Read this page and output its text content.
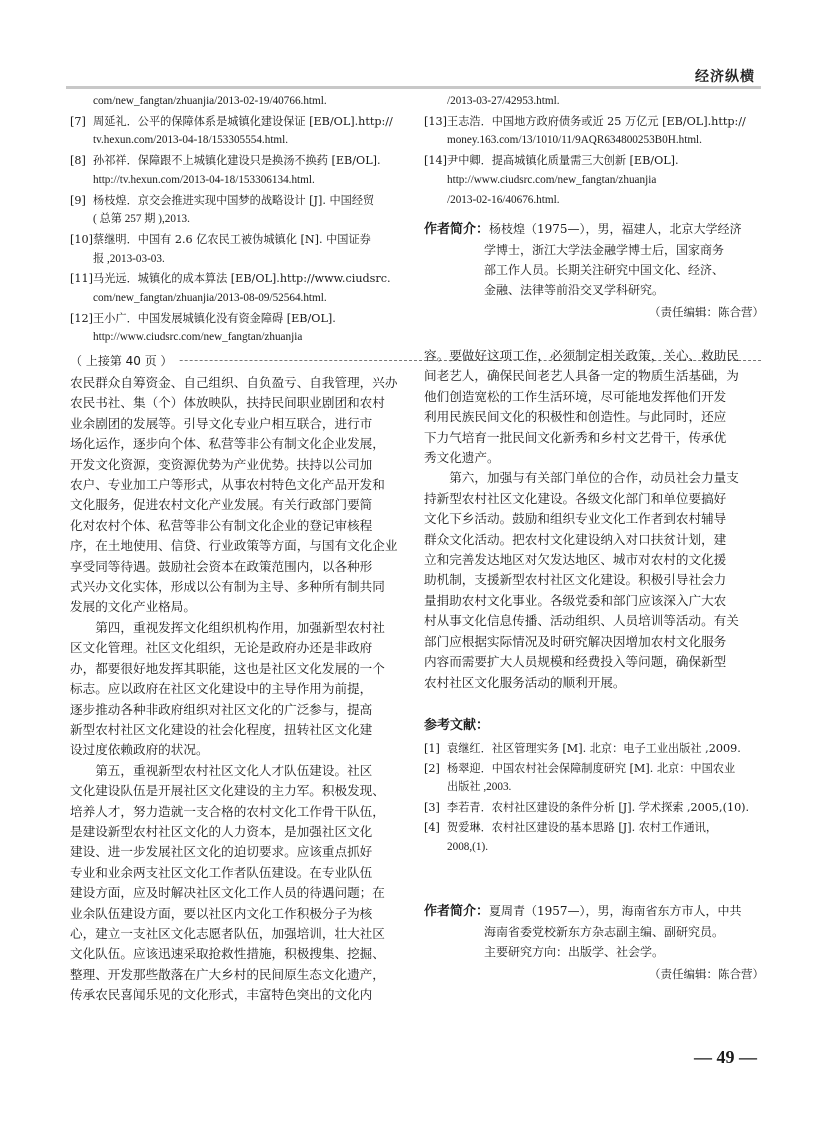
经济纵横
com/new_fangtan/zhuanjia/2013-02-19/40766.html.
[7] 周延礼．公平的保障体系是城镇化建设保证 [EB/OL].http://
tv.hexun.com/2013-04-18/153305554.html.
[8] 孙祁祥．保障跟不上城镇化建设只是换汤不换药 [EB/OL].
http://tv.hexun.com/2013-04-18/153306134.html.
[9] 杨枝煌．京交会推进实现中国梦的战略设计 [J]. 中国经贸
( 总第 257 期 ),2013.
[10]蔡继明．中国有 2.6 亿农民工被伪城镇化 [N]. 中国证券
报 ,2013-03-03.
[11]马光远．城镇化的成本算法 [EB/OL].http://www.ciudsrc.
com/new_fangtan/zhuanjia/2013-08-09/52564.html.
[12]王小广．中国发展城镇化没有资金障碍 [EB/OL].
http://www.ciudsrc.com/new_fangtan/zhuanjia
/2013-03-27/42953.html.
[13]王志浩．中国地方政府债务或近 25 万亿元 [EB/OL].http://
money.163.com/13/1010/11/9AQR634800253B0H.html.
[14]尹中卿．提高城镇化质量需三大创新 [EB/OL].
http://www.ciudsrc.com/new_fangtan/zhuanjia
/2013-02-16/40676.html.
作者简介：杨枝煌（1975—），男，福建人，北京大学经济
学博士，浙江大学法金融学博士后，国家商务
部工作人员。长期关注研究中国文化、经济、
金融、法律等前沿交叉学科研究。
（责任编辑：陈合营）
（ 上接第 40 页 ）
农民群众自筹资金、自己组织、自负盈亏、自我管理，兴办
农民书社、集（个）体放映队，扶持民间职业剧团和农村
业余剧团的发展等。引导文化专业户相互联合，进行市
场化运作，逐步向个体、私营等非公有制文化企业发展，
开发文化资源，变资源优势为产业优势。扶持以公司加
农户、专业加工户等形式，从事农村特色文化产品开发和
文化服务，促进农村文化产业发展。有关行政部门要简
化对农村个体、私营等非公有制文化企业的登记审核程
序，在土地使用、信贷、行业政策等方面，与国有文化企业
享受同等待遇。鼓励社会资本在政策范围内，以各种形
式兴办文化实体，形成以公有制为主导、多种所有制共同
发展的文化产业格局。
　　第四，重视发挥文化组织机构作用，加强新型农村社
区文化管理。社区文化组织，无论是政府办还是非政府
办，都要很好地发挥其职能，这也是社区文化发展的一个
标志。应以政府在社区文化建设中的主导作用为前提，
逐步推动各种非政府组织对社区文化的广泛参与，提高
新型农村社区文化建设的社会化程度，扭转社区文化建
设过度依赖政府的状况。
　　第五，重视新型农村社区文化人才队伍建设。社区
文化建设队伍是开展社区文化建设的主力军。积极发现、
培养人才，努力造就一支合格的农村文化工作骨干队伍，
是建设新型农村社区文化的人力资本，是加强社区文化
建设、进一步发展社区文化的迫切要求。应该重点抓好
专业和业余两支社区文化工作者队伍建设。在专业队伍
建设方面，应及时解决社区文化工作人员的待遇问题；在
业余队伍建设方面，要以社区内文化工作积极分子为核
心，建立一支社区文化志愿者队伍，加强培训，壮大社区
文化队伍。应该迅速采取抢救性措施，积极搜集、挖掘、
整理、开发那些散落在广大乡村的民间原生态文化遗产，
传承农民喜闻乐见的文化形式，丰富特色突出的文化内
容。要做好这项工作，必须制定相关政策，关心、救助民
间老艺人，确保民间老艺人具备一定的物质生活基础，为
他们创造宽松的工作生活环境，尽可能地发挥他们开发
利用民族民间文化的积极性和创造性。与此同时，还应
下力气培育一批民间文化新秀和乡村文艺骨干，传承优
秀文化遗产。
　　第六，加强与有关部门单位的合作，动员社会力量支
持新型农村社区文化建设。各级文化部门和单位要搞好
文化下乡活动。鼓励和组织专业文化工作者到农村辅导
群众文化活动。把农村文化建设纳入对口扶贫计划，建
立和完善发达地区对欠发达地区、城市对农村的文化援
助机制，支援新型农村社区文化建设。积极引导社会力
量捐助农村文化事业。各级党委和部门应该深入广大农
村从事文化信息传播、活动组织、人员培训等活动。有关
部门应根据实际情况及时研究解决因增加农村文化服务
内容而需要扩大人员规模和经费投入等问题，确保新型
农村社区文化服务活动的顺利开展。
参考文献：
[1] 袁继红．社区管理实务 [M]. 北京：电子工业出版社 ,2009.
[2] 杨翠迎．中国农村社会保障制度研究 [M]. 北京：中国农业
出版社 ,2003.
[3] 李若青．农村社区建设的条件分析 [J]. 学术探索 ,2005,(10).
[4] 贺爱琳．农村社区建设的基本思路 [J]. 农村工作通讯，
2008,(1).
作者简介：夏周青（1957—），男，海南省东方市人，中共
海南省委党校新东方杂志副主编、副研究员。
主要研究方向：出版学、社会学。
（责任编辑：陈合营）
— 49 —
